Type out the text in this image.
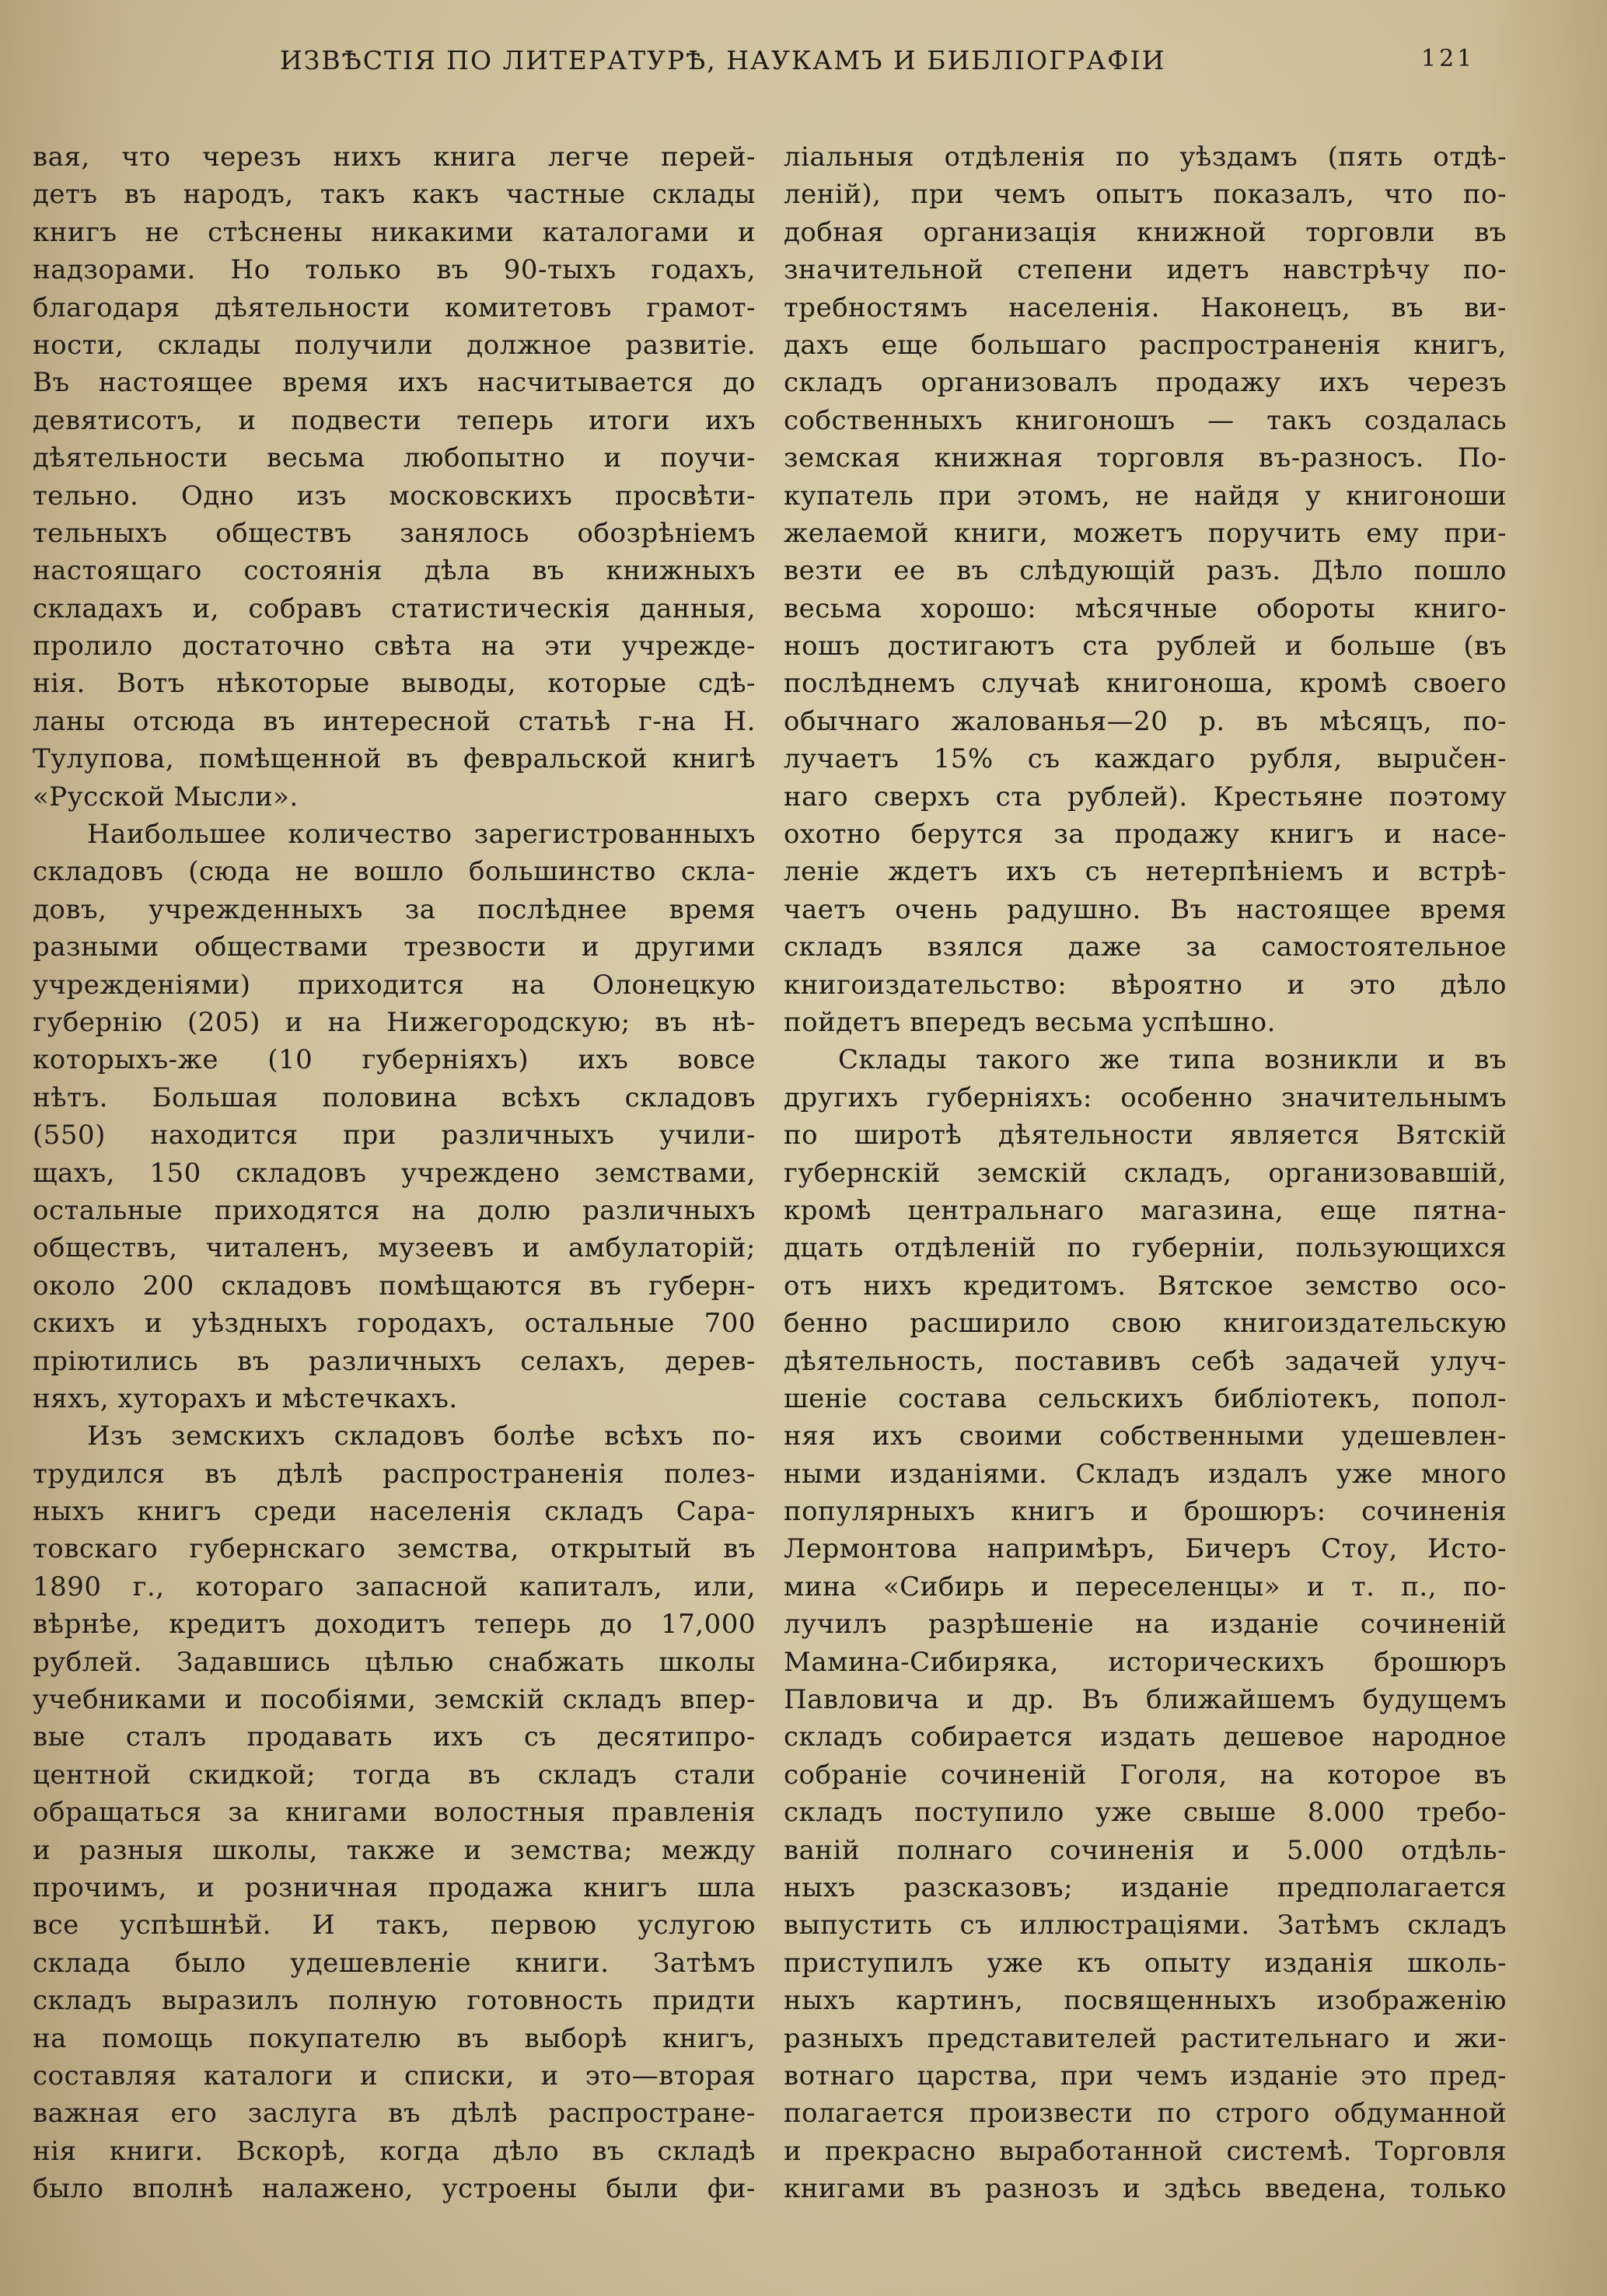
ИЗВѢСТІЯ ПО ЛИТЕРАТУРѢ, НАУКАМЪ И БИБЛІОГРАФІИ	121
вая, что черезъ нихъ книга легче перей-
детъ въ народъ, такъ какъ частные склады
книгъ не стѣснены никакими каталогами и
надзорами. Но только въ 90-тыхъ годахъ,
благодаря дѣятельности комитетовъ грамот-
ности, склады получили должное развитіе.
Въ настоящее время ихъ насчитывается до
девятисотъ, и подвести теперь итоги ихъ
дѣятельности весьма любопытно и поучи-
тельно. Одно изъ московскихъ просвѣти-
тельныхъ обществъ занялось обозрѣніемъ
настоящаго состоянія дѣла въ книжныхъ
складахъ и, собравъ статистическія данныя,
пролило достаточно свѣта на эти учрежде-
нія. Вотъ нѣкоторые выводы, которые сдѣ-
ланы отсюда въ интересной статьѣ г-на Н.
Тулупова, помѣщенной въ февральской книгѣ
«Русской Мысли».
Наибольшее количество зарегистрованныхъ
складовъ (сюда не вошло большинство скла-
довъ, учрежденныхъ за послѣднее время
разными обществами трезвости и другими
учрежденіями) приходится на Олонецкую
губернію (205) и на Нижегородскую; въ нѣ-
которыхъ-же (10 губерніяхъ) ихъ вовсе
нѣтъ. Большая половина всѣхъ складовъ
(550) находится при различныхъ учили-
щахъ, 150 складовъ учреждено земствами,
остальные приходятся на долю различныхъ
обществъ, читаленъ, музеевъ и амбулаторій;
около 200 складовъ помѣщаются въ губерн-
скихъ и уѣздныхъ городахъ, остальные 700
пріютились въ различныхъ селахъ, дерев-
няхъ, хуторахъ и мѣстечкахъ.
Изъ земскихъ складовъ болѣе всѣхъ по-
трудился въ дѣлѣ распространенія полез-
ныхъ книгъ среди населенія складъ Сара-
товскаго губернскаго земства, открытый въ
1890 г., котораго запасной капиталъ, или,
вѣрнѣе, кредитъ доходитъ теперь до 17,000
рублей. Задавшись цѣлью снабжать школы
учебниками и пособіями, земскій складъ впер-
вые сталъ продавать ихъ съ десятипро-
центной скидкой; тогда въ складъ стали
обращаться за книгами волостныя правленія
и разныя школы, также и земства; между
прочимъ, и розничная продажа книгъ шла
все успѣшнѣй. И такъ, первою услугою
склада было удешевленіе книги. Затѣмъ
складъ выразилъ полную готовность придти
на помощь покупателю въ выборѣ книгъ,
составляя каталоги и списки, и это—вторая
важная его заслуга въ дѣлѣ распростране-
нія книги. Вскорѣ, когда дѣло въ складѣ
было вполнѣ налажено, устроены были фи-
ліальныя отдѣленія по уѣздамъ (пять отдѣ-
леній), при чемъ опытъ показалъ, что по-
добная организація книжной торговли въ
значительной степени идетъ навстрѣчу по-
требностямъ населенія. Наконецъ, въ ви-
дахъ еще большаго распространенія книгъ,
складъ организовалъ продажу ихъ черезъ
собственныхъ книгоношъ — такъ создалась
земская книжная торговля въ-разносъ. По-
купатель при этомъ, не найдя у книгоноши
желаемой книги, можетъ поручить ему при-
везти ее въ слѣдующій разъ. Дѣло пошло
весьма хорошо: мѣсячные обороты книго-
ношъ достигаютъ ста рублей и больше (въ
послѣднемъ случаѣ книгоноша, кромѣ своего
обычнаго жалованья—20 р. въ мѣсяцъ, по-
лучаетъ 15% съ каждаго рубля, вырučен-
наго сверхъ ста рублей). Крестьяне поэтому
охотно берутся за продажу книгъ и насе-
леніе ждетъ ихъ съ нетерпѣніемъ и встрѣ-
чаетъ очень радушно. Въ настоящее время
складъ взялся даже за самостоятельное
книгоиздательство: вѣроятно и это дѣло
пойдетъ впередъ весьма успѣшно.
Склады такого же типа возникли и въ
другихъ губерніяхъ: особенно значительнымъ
по широтѣ дѣятельности является Вятскій
губернскій земскій складъ, организовавшій,
кромѣ центральнаго магазина, еще пятна-
дцать отдѣленій по губерніи, пользующихся
отъ нихъ кредитомъ. Вятское земство осо-
бенно расширило свою книгоиздательскую
дѣятельность, поставивъ себѣ задачей улуч-
шеніе состава сельскихъ библіотекъ, попол-
няя ихъ своими собственными удешевлен-
ными изданіями. Складъ издалъ уже много
популярныхъ книгъ и брошюръ: сочиненія
Лермонтова напримѣръ, Бичеръ Стоу, Исто-
мина «Сибирь и переселенцы» и т. п., по-
лучилъ разрѣшеніе на изданіе сочиненій
Мамина-Сибиряка, историческихъ брошюръ
Павловича и др. Въ ближайшемъ будущемъ
складъ собирается издать дешевое народное
собраніе сочиненій Гоголя, на которое въ
складъ поступило уже свыше 8.000 требо-
ваній полнаго сочиненія и 5.000 отдѣль-
ныхъ разсказовъ; изданіе предполагается
выпустить съ иллюстраціями. Затѣмъ складъ
приступилъ уже къ опыту изданія школь-
ныхъ картинъ, посвященныхъ изображенію
разныхъ представителей растительнаго и жи-
вотнаго царства, при чемъ изданіе это пред-
полагается произвести по строго обдуманной
и прекрасно выработанной системѣ. Торговля
книгами въ разнозъ и здѣсь введена, только
